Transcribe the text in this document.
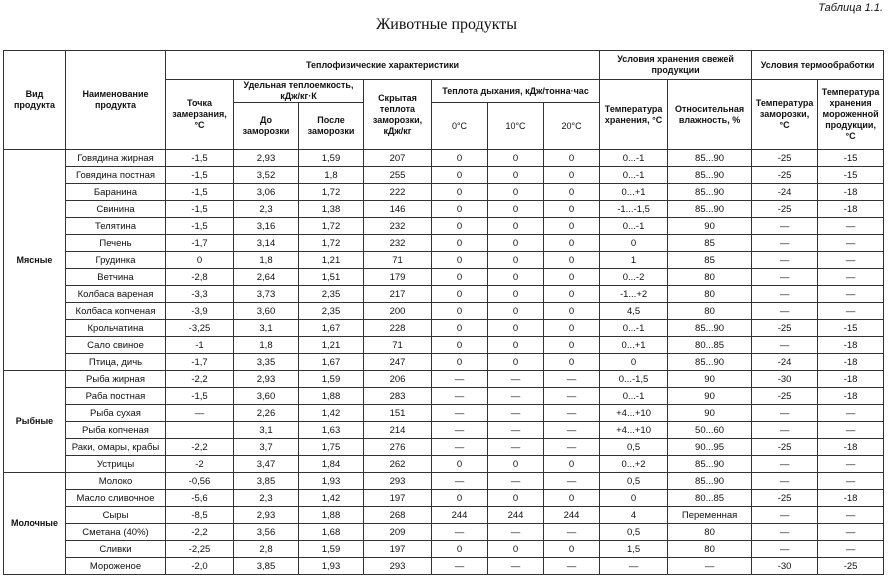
Таблица 1.1.
Животные продукты
Вид продукта	Наименование продукта	Теплофизические характеристики							Условия хранения свежей продукции		Условия термообработки	
		Точка замерзания, °С	Удельная теплоемкость, кДж/кг·К		Скрытая теплота заморозки, кДж/кг	Теплота дыхания, кДж/тонна·час			Температура хранения, °С	Относительная влажность, %	Температура заморозки, °С	Температура хранения мороженной продукции, °С
			До заморозки	После заморозки		0°С	10°С	20°С				
Мясные	Говядина жирная	-1,5	2,93	1,59	207	0	0	0	0...-1	85...90	-25	-15
	Говядина постная	-1,5	3,52	1,8	255	0	0	0	0...-1	85...90	-25	-15
	Баранина	-1,5	3,06	1,72	222	0	0	0	0...+1	85...90	-24	-18
	Свинина	-1,5	2,3	1,38	146	0	0	0	-1...-1,5	85...90	-25	-18
	Телятина	-1,5	3,16	1,72	232	0	0	0	0...-1	90	—	—
	Печень	-1,7	3,14	1,72	232	0	0	0	0	85	—	—
	Грудинка	0	1,8	1,21	71	0	0	0	1	85	—	—
	Ветчина	-2,8	2,64	1,51	179	0	0	0	0...-2	80	—	—
	Колбаса вареная	-3,3	3,73	2,35	217	0	0	0	-1...+2	80	—	—
	Колбаса копченая	-3,9	3,60	2,35	200	0	0	0	4,5	80	—	—
	Крольчатина	-3,25	3,1	1,67	228	0	0	0	0...-1	85...90	-25	-15
	Сало свиное	-1	1,8	1,21	71	0	0	0	0...+1	80...85	—	-18
	Птица, дичь	-1,7	3,35	1,67	247	0	0	0	0	85...90	-24	-18
Рыбные	Рыба жирная	-2,2	2,93	1,59	206	—	—	—	0...-1,5	90	-30	-18
	Раба постная	-1,5	3,60	1,88	283	—	—	—	0...-1	90	-25	-18
	Рыба сухая	—	2,26	1,42	151	—	—	—	+4...+10	90	—	—
	Рыба копченая		3,1	1,63	214	—	—	—	+4...+10	50...60	—	—
	Раки, омары, крабы	-2,2	3,7	1,75	276	—	—	—	0,5	90...95	-25	-18
	Устрицы	-2	3,47	1,84	262	0	0	0	0...+2	85...90	—	—
Молочные	Молоко	-0,56	3,85	1,93	293	—	—	—	0,5	85...90	—	—
	Масло сливочное	-5,6	2,3	1,42	197	0	0	0	0	80...85	-25	-18
	Сыры	-8,5	2,93	1,88	268	244	244	244	4	Переменная	—	—
	Сметана (40%)	-2,2	3,56	1,68	209	—	—	—	0,5	80	—	—
	Сливки	-2,25	2,8	1,59	197	0	0	0	1,5	80	—	—
	Мороженое	-2,0	3,85	1,93	293	—	—	—	—	—	-30	-25
